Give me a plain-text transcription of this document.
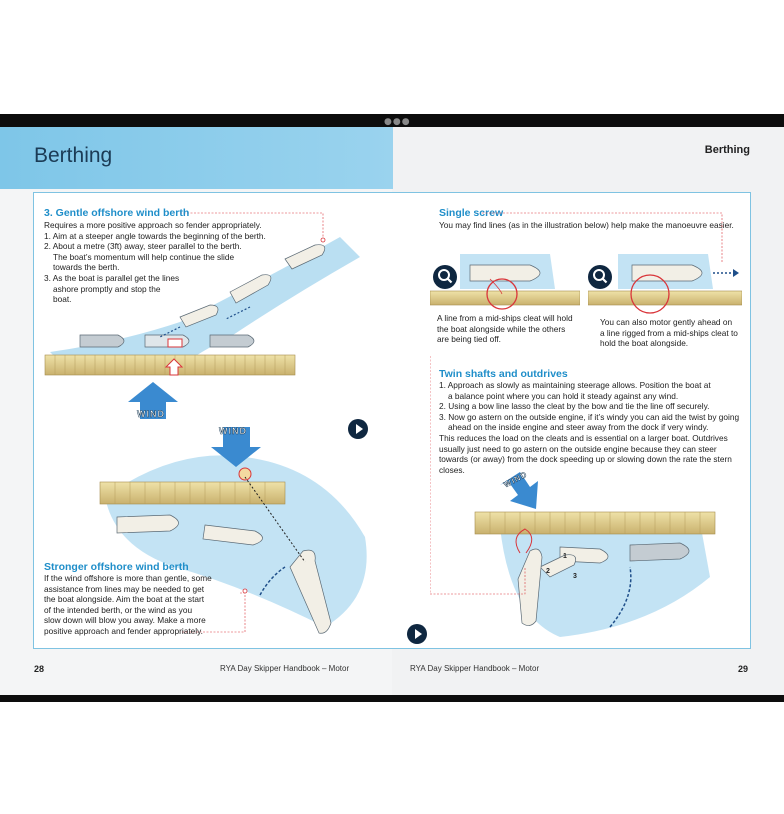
●●●
Berthing	Berthing
WIND
WIND
3. Gentle offshore wind berth
Requires a more positive approach so fender appropriately.
1. Aim at a steeper angle towards the beginning of the berth.
2. About a metre (3ft) away, steer parallel to the berth.
The boat’s momentum will help continue the slide
towards the berth.
3. As the boat is parallel get the lines
ashore promptly and stop the
boat.
Stronger offshore wind berth
If the wind offshore is more than gentle, some
assistance from lines may be needed to get
the boat alongside. Aim the boat at the start
of the intended berth, or the wind as you
slow down will blow you away. Make a more
positive approach and fender appropriately.
Single screw
You may find lines (as in the illustration below) help make the manoeuvre easier.
A line from a mid-ships cleat will hold
the boat alongside while the others
are being tied off.
You can also motor gently ahead on
a line rigged from a mid-ships cleat to
hold the boat alongside.
Twin shafts and outdrives
1. Approach as slowly as maintaining steerage allows. Position the boat at
a balance point where you can hold it steady against any wind.
2. Using a bow line lasso the cleat by the bow and tie the line off securely.
3. Now go astern on the outside engine, if it’s windy you can aid the twist by going
ahead on the inside engine and steer away from the dock if very windy.
This reduces the load on the cleats and is essential on a larger boat. Outdrives
usually just need to go astern on the outside engine because they can steer
towards (or away) from the dock speeding up or slowing down the rate the stern
closes.	WIND
1
2
3
28	RYA Day Skipper Handbook – Motor	RYA Day Skipper Handbook – Motor	29
